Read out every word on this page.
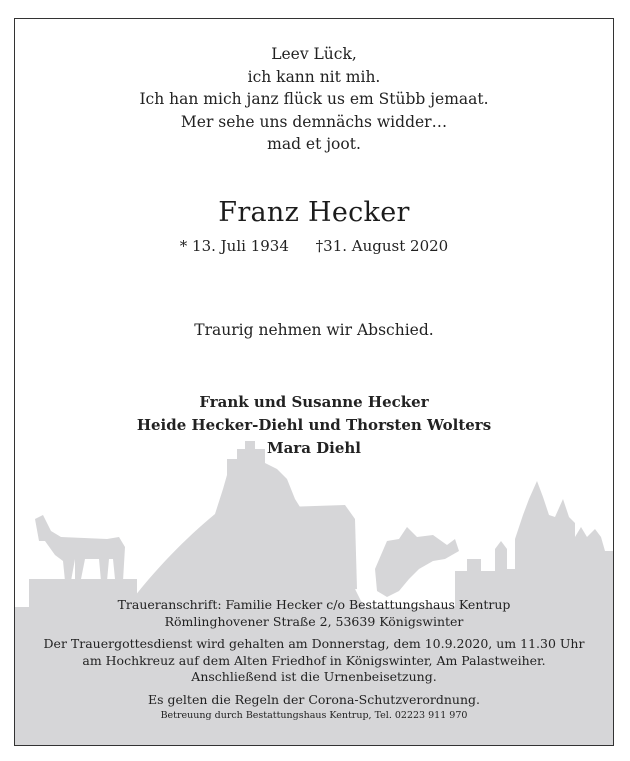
Leev Lück,
ich kann nit mih.
Ich han mich janz flück us em Stübb jemaat.
Mer sehe uns demnächs widder…
mad et joot.
Franz Hecker
* 13. Juli 1934 †31. August 2020
Traurig nehmen wir Abschied.
Frank und Susanne Hecker
Heide Hecker-Diehl und Thorsten Wolters
Mara Diehl
Traueranschrift: Familie Hecker c/o Bestattungshaus Kentrup
Römlinghovener Straße 2, 53639 Königswinter
Der Trauergottesdienst wird gehalten am Donnerstag, dem 10.9.2020, um 11.30 Uhr
am Hochkreuz auf dem Alten Friedhof in Königswinter, Am Palastweiher.
Anschließend ist die Urnenbeisetzung.
Es gelten die Regeln der Corona-Schutzverordnung.
Betreuung durch Bestattungshaus Kentrup, Tel. 02223 911 970
